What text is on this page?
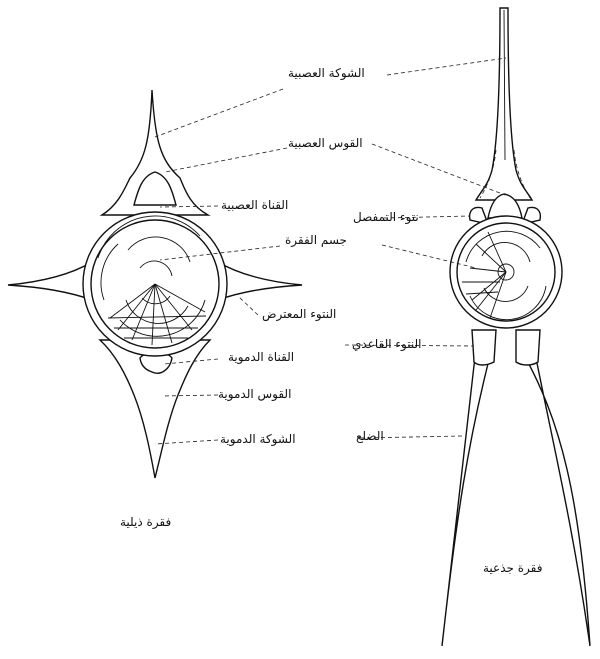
الشوكة العصبية
القوس العصبية
القناة العصبية
نتوء التمفصل
جسم الفقرة
النتوء المعترض
القناة الدموية
النتوء القاعدي
القوس الدموية
الشوكة الدموية	الضلع
فقرة ذيلية
فقرة جذعية
